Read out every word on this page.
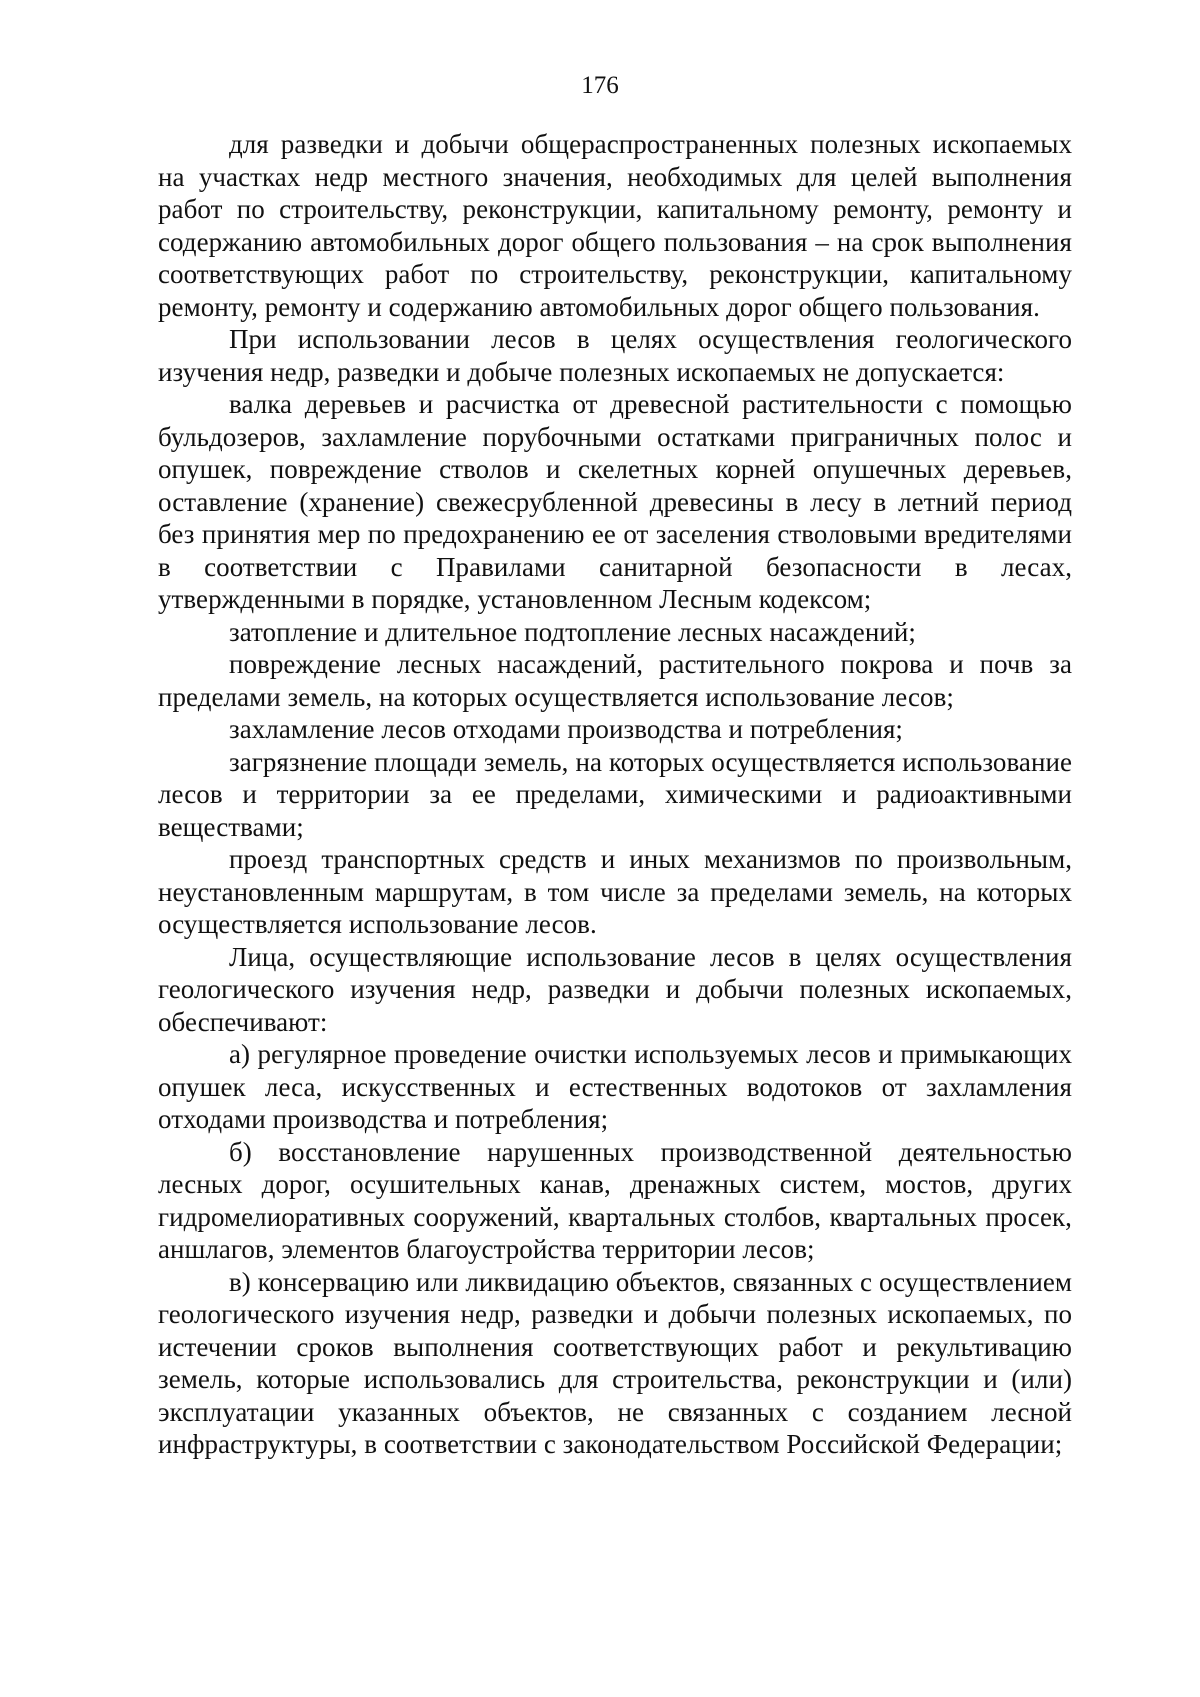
176

для разведки и добычи общераспространенных полезных ископаемых на участках недр местного значения, необходимых для целей выполнения работ по строительству, реконструкции, капитальному ремонту, ремонту и содержанию автомобильных дорог общего пользования – на срок выполнения соответствующих работ по строительству, реконструкции, капитальному ремонту, ремонту и содержанию автомобильных дорог общего пользования.

При использовании лесов в целях осуществления геологического изучения недр, разведки и добыче полезных ископаемых не допускается:

валка деревьев и расчистка от древесной растительности с помощью бульдозеров, захламление порубочными остатками приграничных полос и опушек, повреждение стволов и скелетных корней опушечных деревьев, оставление (хранение) свежесрубленной древесины в лесу в летний период без принятия мер по предохранению ее от заселения стволовыми вредителями в соответствии с Правилами санитарной безопасности в лесах, утвержденными в порядке, установленном Лесным кодексом;

затопление и длительное подтопление лесных насаждений;

повреждение лесных насаждений, растительного покрова и почв за пределами земель, на которых осуществляется использование лесов;

захламление лесов отходами производства и потребления;

загрязнение площади земель, на которых осуществляется использование лесов и территории за ее пределами, химическими и радиоактивными веществами;

проезд транспортных средств и иных механизмов по произвольным, неустановленным маршрутам, в том числе за пределами земель, на которых осуществляется использование лесов.

Лица, осуществляющие использование лесов в целях осуществления геологического изучения недр, разведки и добычи полезных ископаемых, обеспечивают:

а) регулярное проведение очистки используемых лесов и примыкающих опушек леса, искусственных и естественных водотоков от захламления отходами производства и потребления;

б) восстановление нарушенных производственной деятельностью лесных дорог, осушительных канав, дренажных систем, мостов, других гидромелиоративных сооружений, квартальных столбов, квартальных просек, аншлагов, элементов благоустройства территории лесов;

в) консервацию или ликвидацию объектов, связанных с осуществлением геологического изучения недр, разведки и добычи полезных ископаемых, по истечении сроков выполнения соответствующих работ и рекультивацию земель, которые использовались для строительства, реконструкции и (или) эксплуатации указанных объектов, не связанных с созданием лесной инфраструктуры, в соответствии с законодательством Российской Федерации;
